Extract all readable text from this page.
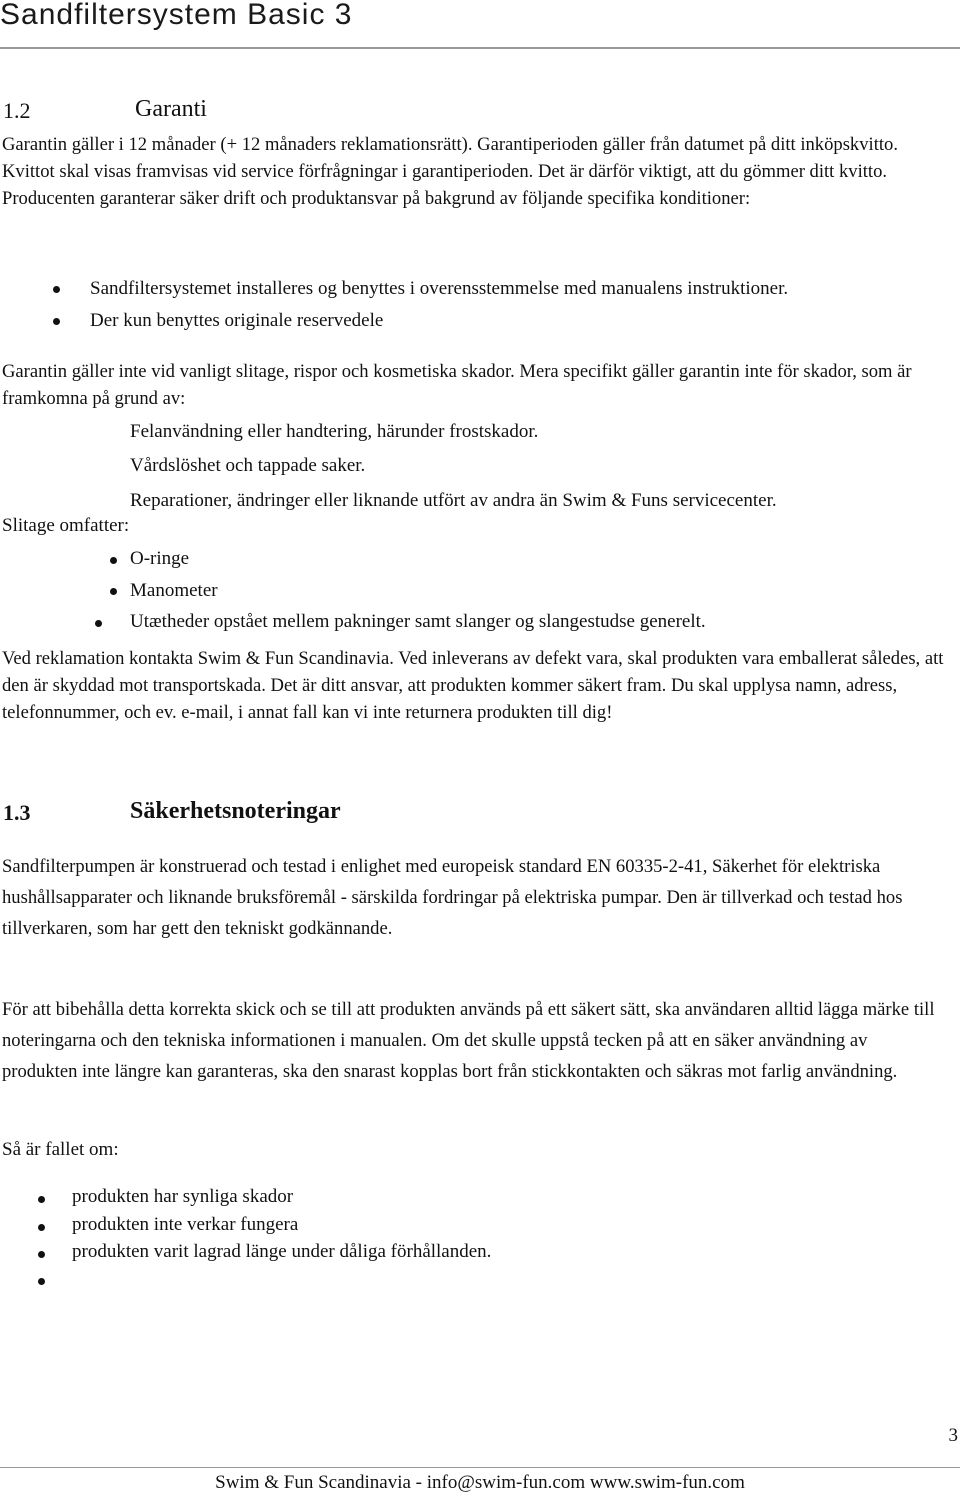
Sandfiltersystem Basic 3
1.2	Garanti
Garantin gäller i 12 månader (+ 12 månaders reklamationsrätt). Garantiperioden gäller från datumet på ditt inköpskvitto. Kvittot skal visas framvisas vid service förfrågningar i garantiperioden. Det är därför viktigt, att du gömmer ditt kvitto. Producenten garanterar säker drift och produktansvar på bakgrund av följande specifika konditioner:
Sandfiltersystemet installeres og benyttes i overensstemmelse med manualens instruktioner.
Der kun benyttes originale reservedele
Garantin gäller inte vid vanligt slitage, rispor och kosmetiska skador. Mera specifikt gäller garantin inte för skador, som är framkomna på grund av:
Felanvändning eller handtering, härunder frostskador.
Vårdslöshet och tappade saker.
Reparationer, ändringer eller liknande utfört av andra än Swim & Funs servicecenter.
Slitage omfatter:
O-ringe
Manometer
Utætheder opstået mellem pakninger samt slanger og slangestudse generelt.
Ved reklamation kontakta Swim & Fun Scandinavia. Ved inleverans av defekt vara, skal produkten vara emballerat således, att den är skyddad mot transportskada. Det är ditt ansvar, att produkten kommer säkert fram. Du skal upplysa namn, adress, telefonnummer, och ev. e-mail, i annat fall kan vi inte returnera produkten till dig!
1.3	Säkerhetsnoteringar
Sandfilterpumpen är konstruerad och testad i enlighet med europeisk standard EN 60335-2-41, Säkerhet för elektriska hushållsapparater och liknande bruksföremål - särskilda fordringar på elektriska pumpar. Den är tillverkad och testad hos tillverkaren, som har gett den tekniskt godkännande.
För att bibehålla detta korrekta skick och se till att produkten används på ett säkert sätt, ska användaren alltid lägga märke till noteringarna och den tekniska informationen i manualen. Om det skulle uppstå tecken på att en säker användning av produkten inte längre kan garanteras, ska den snarast kopplas bort från stickkontakten och säkras mot farlig användning.
Så är fallet om:
produkten har synliga skador
produkten inte verkar fungera
produkten varit lagrad länge under dåliga förhållanden.
3
Swim & Fun Scandinavia - info@swim-fun.com www.swim-fun.com
